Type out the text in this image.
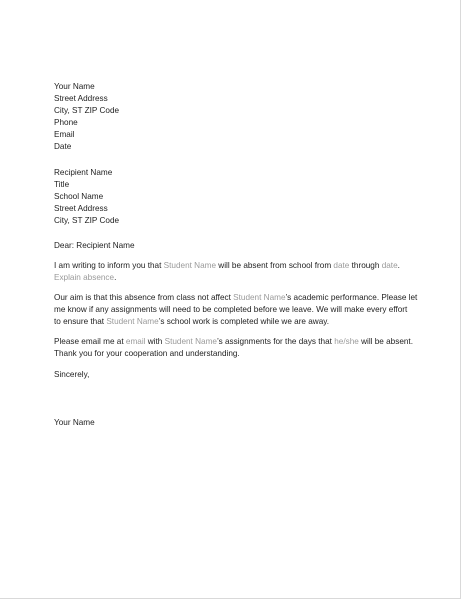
Your Name
Street Address
City, ST ZIP Code
Phone
Email
Date
Recipient Name
Title
School Name
Street Address
City, ST ZIP Code
Dear: Recipient Name
I am writing to inform you that Student Name will be absent from school from date through date.
Explain absence.
Our aim is that this absence from class not affect Student Name’s academic performance. Please let
me know if any assignments will need to be completed before we leave. We will make every effort
to ensure that Student Name’s school work is completed while we are away.
Please email me at email with Student Name’s assignments for the days that he/she will be absent.
Thank you for your cooperation and understanding.
Sincerely,
Your Name
